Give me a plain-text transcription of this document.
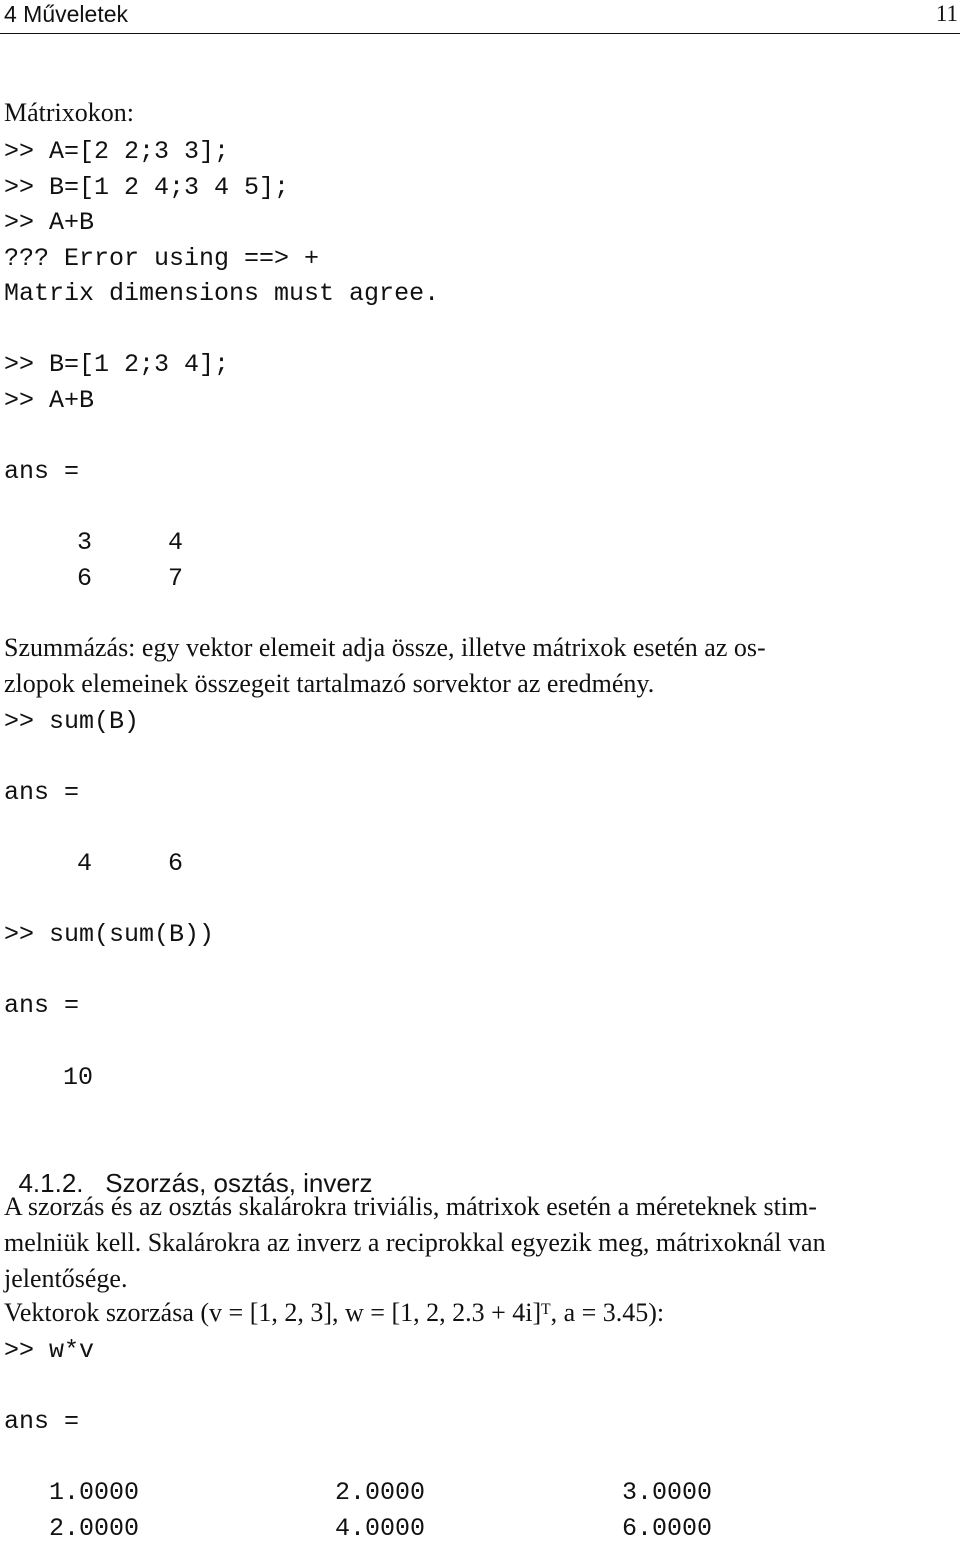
4 Műveletek	11
Mátrixokon:
>> A=[2 2;3 3];
>> B=[1 2 4;3 4 5];
>> A+B
??? Error using ==> +
Matrix dimensions must agree.
>> B=[1 2;3 4];
>> A+B
ans =
3	4
6	7
Szummázás: egy vektor elemeit adja össze, illetve mátrixok esetén az os-
zlopok elemeinek összegeit tartalmazó sorvektor az eredmény.
>> sum(B)
ans =
4	6
>> sum(sum(B))
ans =
10

4.1.2. Szorzás, osztás, inverz

A szorzás és az osztás skalárokra triviális, mátrixok esetén a méreteknek stim-
melniük kell. Skalárokra az inverz a reciprokkal egyezik meg, mátrixoknál van
jelentősége.
Vektorok szorzása (v = [1, 2, 3], w = [1, 2, 2.3 + 4i]ᵀ, a = 3.45):
>> w*v
ans =
1.0000	2.0000	3.0000
2.0000	4.0000	6.0000
